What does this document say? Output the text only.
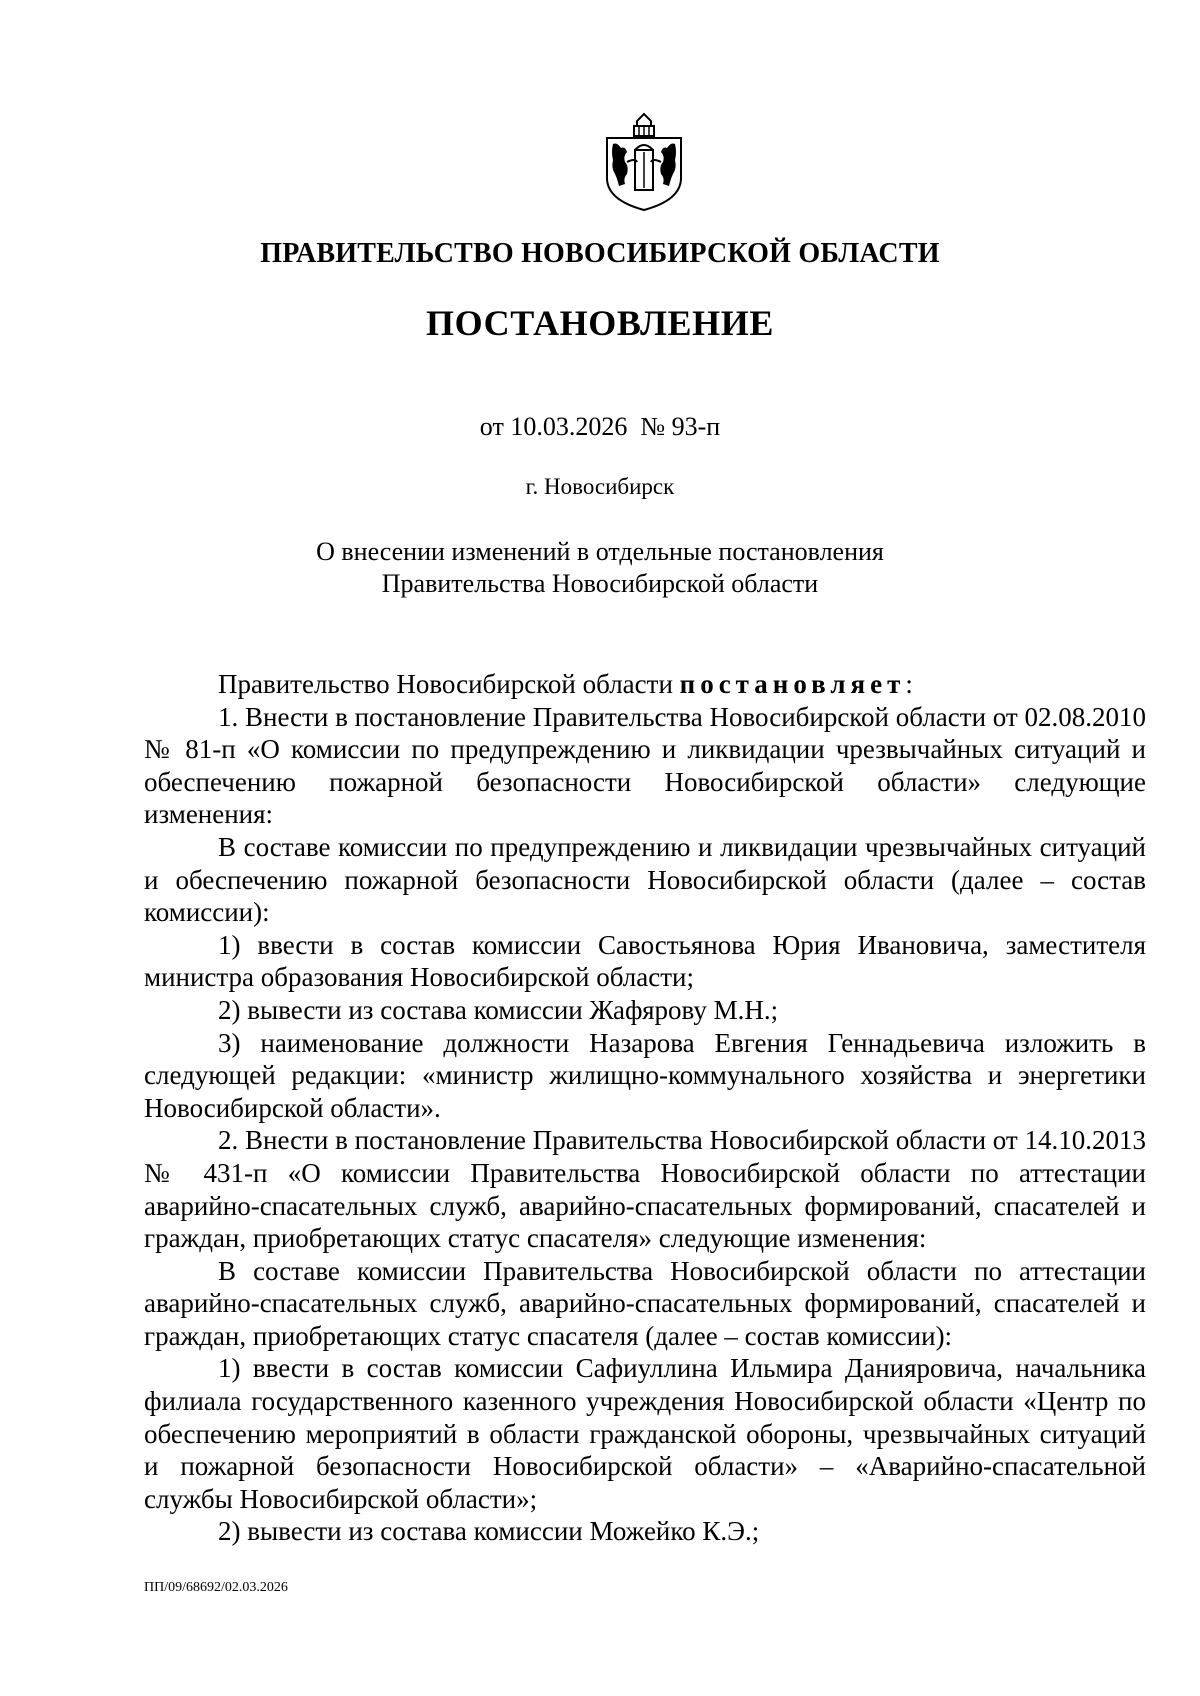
ПРАВИТЕЛЬСТВО НОВОСИБИРСКОЙ ОБЛАСТИ
ПОСТАНОВЛЕНИЕ
от 10.03.2026  № 93-п
г. Новосибирск
О внесении изменений в отдельные постановления
Правительства Новосибирской области

Правительство Новосибирской области постановляет:

1. Внести в постановление Правительства Новосибирской области от 02.08.2010 № 81-п «О комиссии по предупреждению и ликвидации чрезвычайных ситуаций и обеспечению пожарной безопасности Новосибирской области» следующие изменения:

В составе комиссии по предупреждению и ликвидации чрезвычайных ситуаций и обеспечению пожарной безопасности Новосибирской области (далее – состав комиссии):

1) ввести в состав комиссии Савостьянова Юрия Ивановича, заместителя министра образования Новосибирской области;

2) вывести из состава комиссии Жафярову М.Н.;

3) наименование должности Назарова Евгения Геннадьевича изложить в следующей редакции: «министр жилищно-коммунального хозяйства и энергетики Новосибирской области».

2. Внести в постановление Правительства Новосибирской области от 14.10.2013 № 431-п «О комиссии Правительства Новосибирской области по аттестации аварийно-спасательных служб, аварийно-спасательных формирований, спасателей и граждан, приобретающих статус спасателя» следующие изменения:

В составе комиссии Правительства Новосибирской области по аттестации аварийно-спасательных служб, аварийно-спасательных формирований, спасателей и граждан, приобретающих статус спасателя (далее – состав комиссии):

1) ввести в состав комиссии Сафиуллина Ильмира Данияровича, начальника филиала государственного казенного учреждения Новосибирской области «Центр по обеспечению мероприятий в области гражданской обороны, чрезвычайных ситуаций и пожарной безопасности Новосибирской области» – «Аварийно-спасательной службы Новосибирской области»;

2) вывести из состава комиссии Можейко К.Э.;

ПП/09/68692/02.03.2026
